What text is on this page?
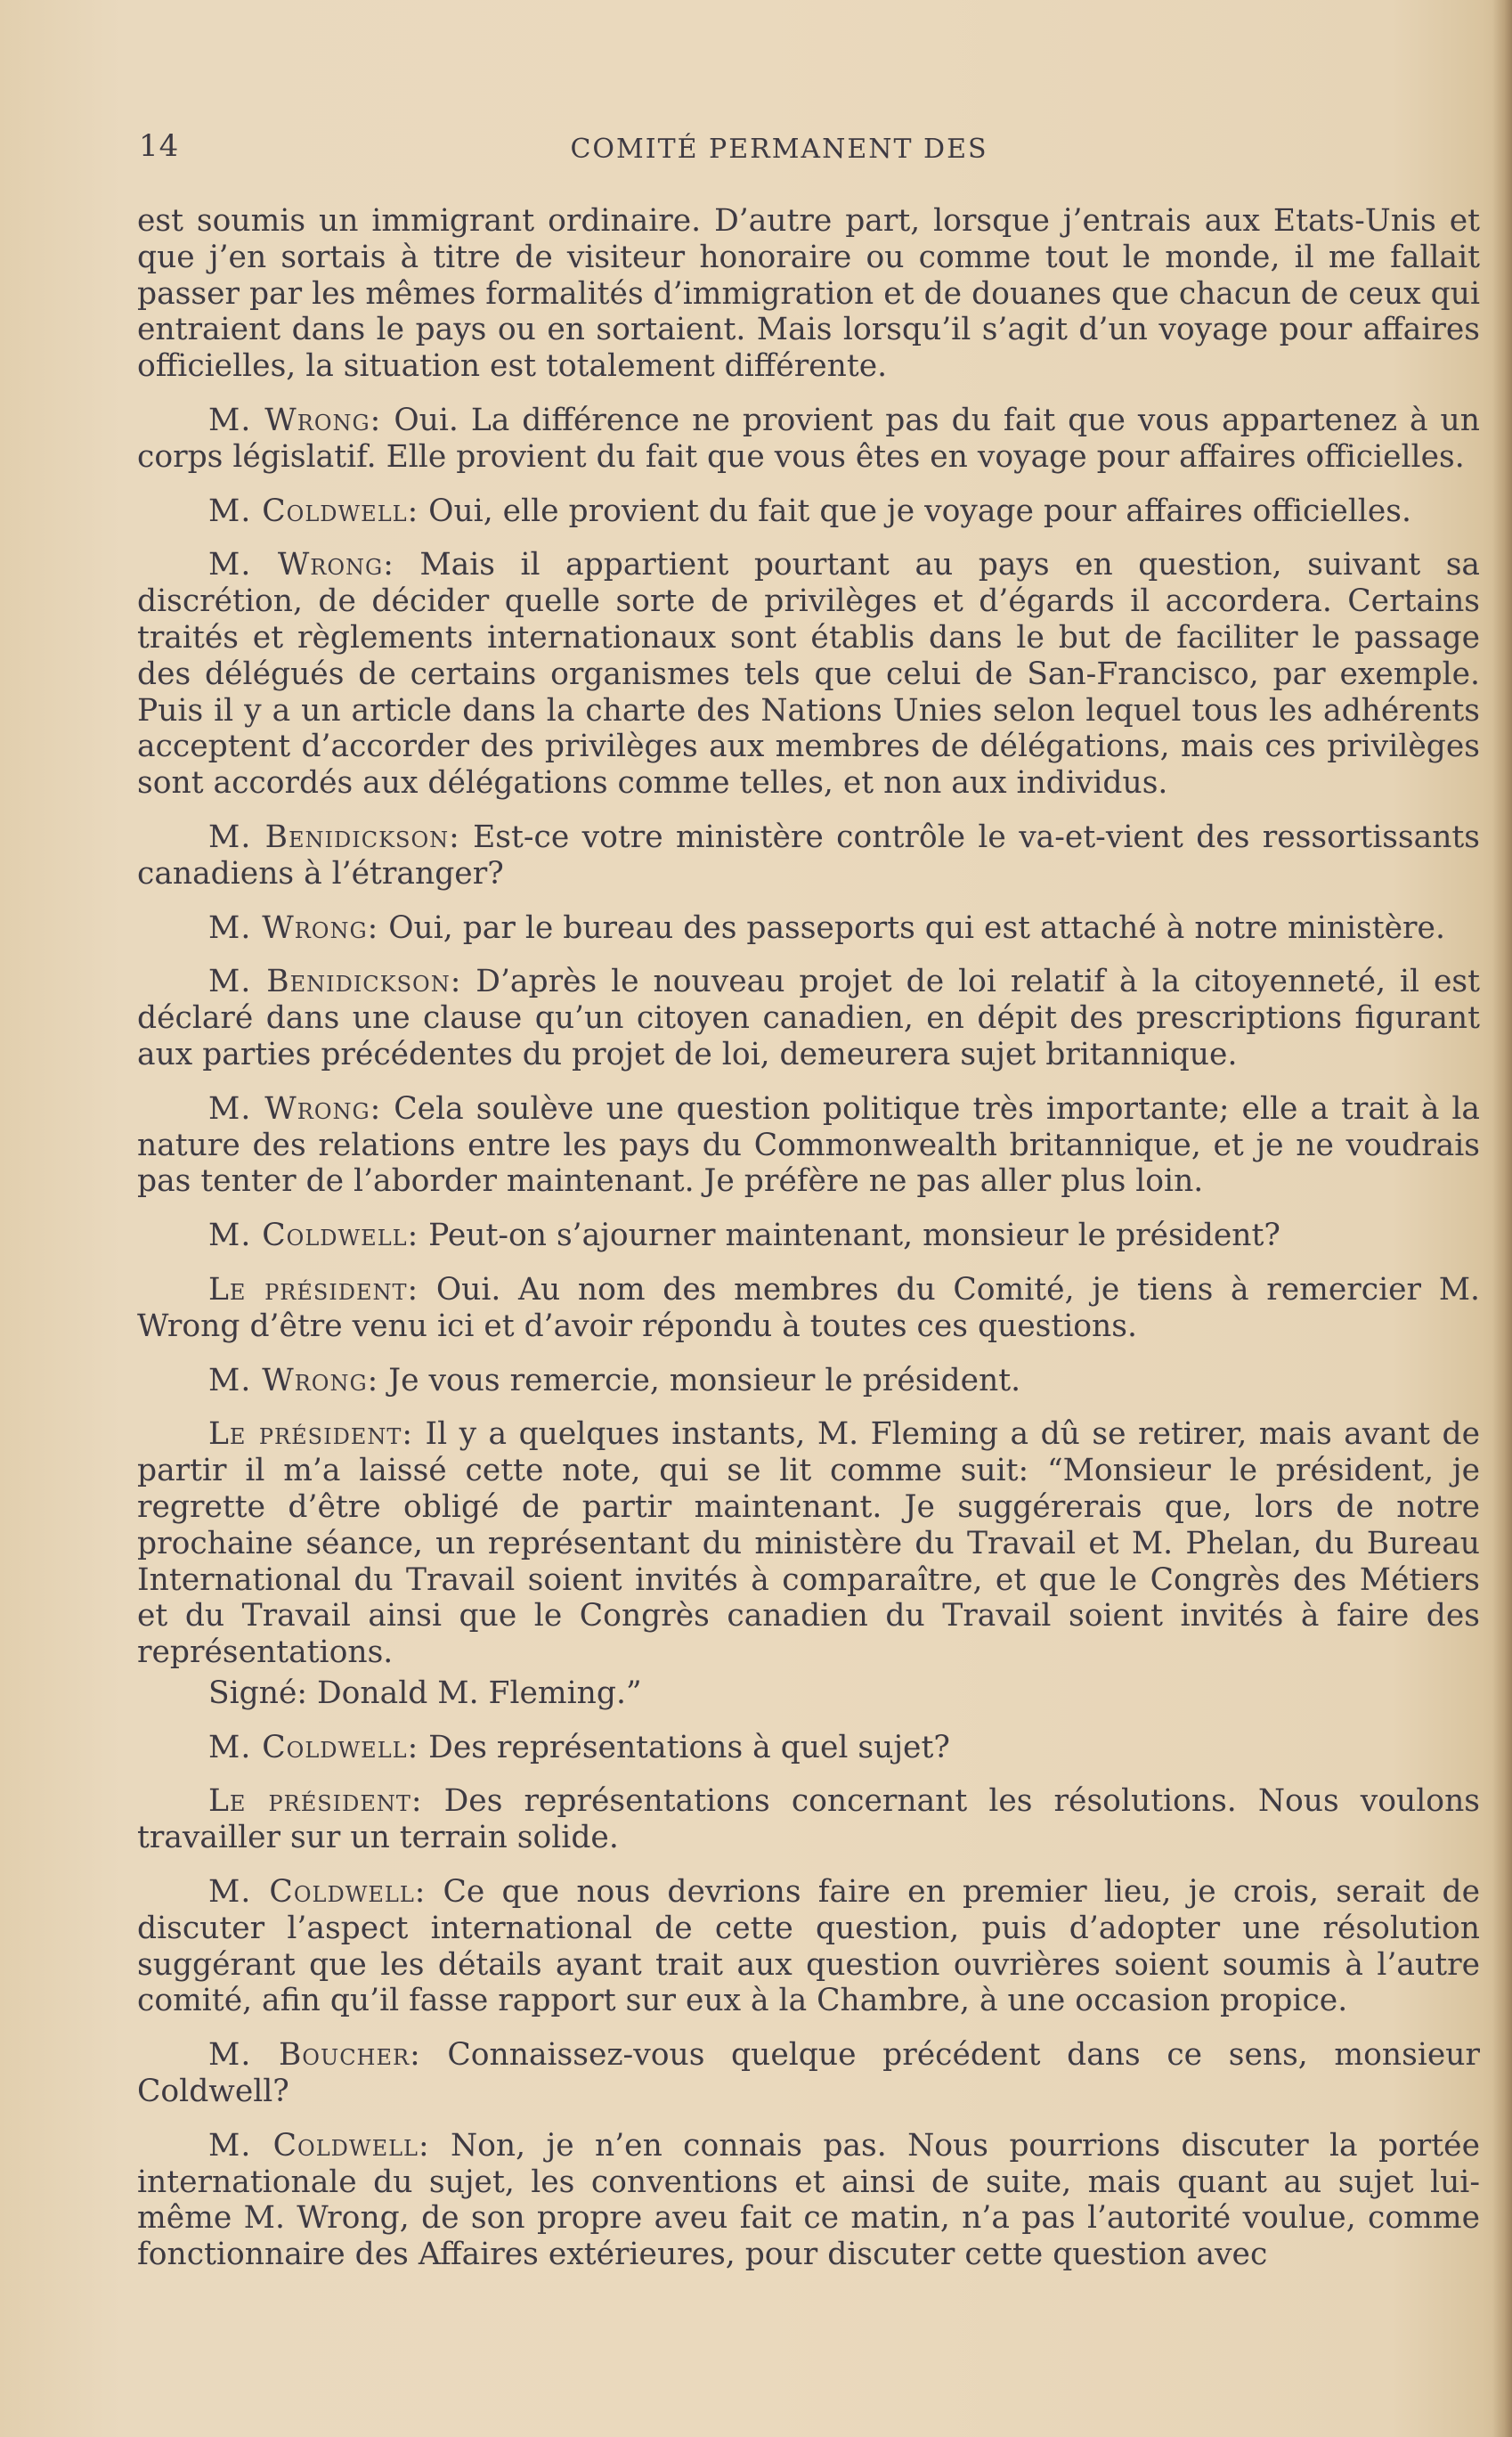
14	COMITÉ PERMANENT DES

est soumis un immigrant ordinaire. D’autre part, lorsque j’entrais aux Etats-Unis et que j’en sortais à titre de visiteur honoraire ou comme tout le monde, il me fallait passer par les mêmes formalités d’immigration et de douanes que chacun de ceux qui entraient dans le pays ou en sortaient. Mais lorsqu’il s’agit d’un voyage pour affaires officielles, la situation est totalement différente.

M. Wrong: Oui. La différence ne provient pas du fait que vous appartenez à un corps législatif. Elle provient du fait que vous êtes en voyage pour affaires officielles.

M. Coldwell: Oui, elle provient du fait que je voyage pour affaires officielles.

M. Wrong: Mais il appartient pourtant au pays en question, suivant sa discrétion, de décider quelle sorte de privilèges et d’égards il accordera. Certains traités et règlements internationaux sont établis dans le but de faciliter le passage des délégués de certains organismes tels que celui de San-Francisco, par exemple. Puis il y a un article dans la charte des Nations Unies selon lequel tous les adhérents acceptent d’accorder des privilèges aux membres de délégations, mais ces privilèges sont accordés aux délégations comme telles, et non aux individus.

M. Benidickson: Est-ce votre ministère contrôle le va-et-vient des ressortissants canadiens à l’étranger?

M. Wrong: Oui, par le bureau des passeports qui est attaché à notre ministère.

M. Benidickson: D’après le nouveau projet de loi relatif à la citoyenneté, il est déclaré dans une clause qu’un citoyen canadien, en dépit des prescriptions figurant aux parties précédentes du projet de loi, demeurera sujet britannique.

M. Wrong: Cela soulève une question politique très importante; elle a trait à la nature des relations entre les pays du Commonwealth britannique, et je ne voudrais pas tenter de l’aborder maintenant. Je préfère ne pas aller plus loin.

M. Coldwell: Peut-on s’ajourner maintenant, monsieur le président?

Le président: Oui. Au nom des membres du Comité, je tiens à remercier M. Wrong d’être venu ici et d’avoir répondu à toutes ces questions.

M. Wrong: Je vous remercie, monsieur le président.

Le président: Il y a quelques instants, M. Fleming a dû se retirer, mais avant de partir il m’a laissé cette note, qui se lit comme suit: “Monsieur le président, je regrette d’être obligé de partir maintenant. Je suggérerais que, lors de notre prochaine séance, un représentant du ministère du Travail et M. Phelan, du Bureau International du Travail soient invités à comparaître, et que le Congrès des Métiers et du Travail ainsi que le Congrès canadien du Travail soient invités à faire des représentations.

Signé: Donald M. Fleming.”

M. Coldwell: Des représentations à quel sujet?

Le président: Des représentations concernant les résolutions. Nous voulons travailler sur un terrain solide.

M. Coldwell: Ce que nous devrions faire en premier lieu, je crois, serait de discuter l’aspect international de cette question, puis d’adopter une résolution suggérant que les détails ayant trait aux question ouvrières soient soumis à l’autre comité, afin qu’il fasse rapport sur eux à la Chambre, à une occasion propice.

M. Boucher: Connaissez-vous quelque précédent dans ce sens, monsieur Coldwell?

M. Coldwell: Non, je n’en connais pas. Nous pourrions discuter la portée internationale du sujet, les conventions et ainsi de suite, mais quant au sujet lui-même M. Wrong, de son propre aveu fait ce matin, n’a pas l’autorité voulue, comme fonctionnaire des Affaires extérieures, pour discuter cette question avec
